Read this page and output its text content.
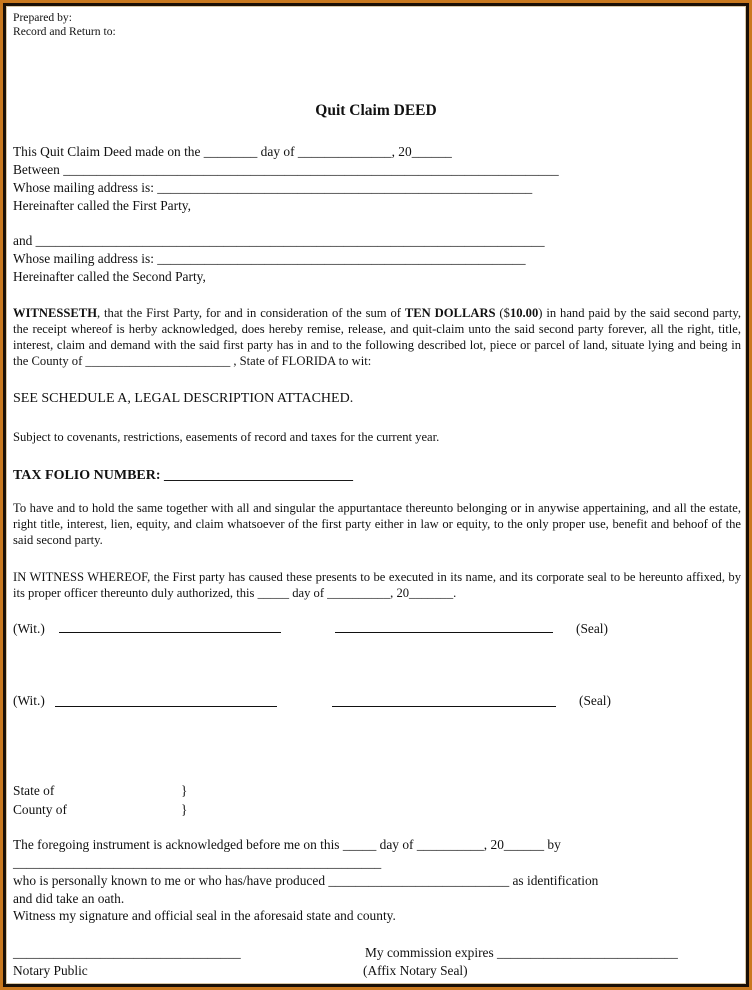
Prepared by:
Record and Return to:
Quit Claim DEED
This Quit Claim Deed made on the ________ day of ______________, 20______
Between __________________________________________________________________________
Whose mailing address is: ________________________________________________________
Hereinafter called the First Party,
and ____________________________________________________________________________
Whose mailing address is: _______________________________________________________
Hereinafter called the Second Party,
WITNESSETH, that the First Party, for and in consideration of the sum of TEN DOLLARS ($10.00) in hand paid by the said second party, the receipt whereof is herby acknowledged, does hereby remise, release, and quit-claim unto the said second party forever, all the right, title, interest, claim and demand with the said first party has in and to the following described lot, piece or parcel of land, situate lying and being in the County of _______________________ , State of FLORIDA to wit:
SEE SCHEDULE A, LEGAL DESCRIPTION ATTACHED.
Subject to covenants, restrictions, easements of record and taxes for the current year.
TAX FOLIO NUMBER: ___________________________
To have and to hold the same together with all and singular the appurtantace thereunto belonging or in anywise appertaining, and all the estate, right title, interest, lien, equity, and claim whatsoever of the first party either in law or equity, to the only proper use, benefit and behoof of the said second party.
IN WITNESS WHEREOF, the First party has caused these presents to be executed in its name, and its corporate seal to be hereunto affixed, by its proper officer thereunto duly authorized, this _____ day of __________, 20_______.
(Wit.)	(Seal)
(Wit.)	(Seal)
State of	}
County of	}
The foregoing instrument is acknowledged before me on this _____ day of __________, 20______ by
_______________________________________________________
who is personally known to me or who has/have produced ___________________________ as identification
and did take an oath.
Witness my signature and official seal in the aforesaid state and county.
__________________________________	My commission expires ___________________________
Notary Public	(Affix Notary Seal)
